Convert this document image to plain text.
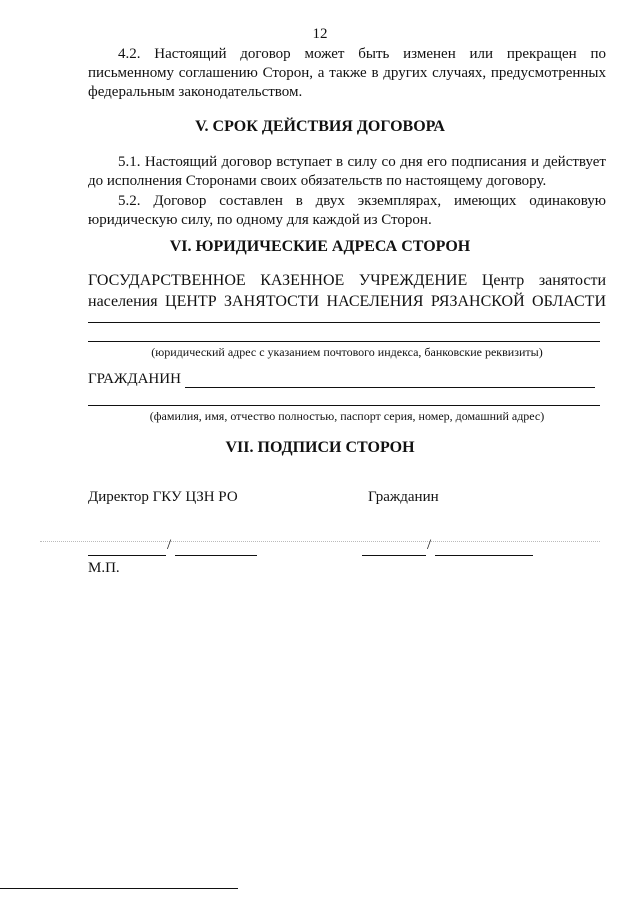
12
4.2. Настоящий договор может быть изменен или прекращен по письменному соглашению Сторон, а также в других случаях, предусмотренных федеральным законодательством.
V. СРОК ДЕЙСТВИЯ ДОГОВОРА
5.1. Настоящий договор вступает в силу со дня его подписания и действует до исполнения Сторонами своих обязательств по настоящему договору.
5.2. Договор составлен в двух экземплярах, имеющих одинаковую юридическую силу, по одному для каждой из Сторон.
VI. ЮРИДИЧЕСКИЕ АДРЕСА СТОРОН
ГОСУДАРСТВЕННОЕ КАЗЕННОЕ УЧРЕЖДЕНИЕ Центр занятости населения ЦЕНТР ЗАНЯТОСТИ НАСЕЛЕНИЯ РЯЗАНСКОЙ ОБЛАСТИ
(юридический адрес с указанием почтового индекса, банковские реквизиты)
ГРАЖДАНИН
(фамилия, имя, отчество полностью, паспорт серия, номер, домашний адрес)
VII. ПОДПИСИ СТОРОН
Директор ГКУ ЦЗН РО	Гражданин
/	/
М.П.
